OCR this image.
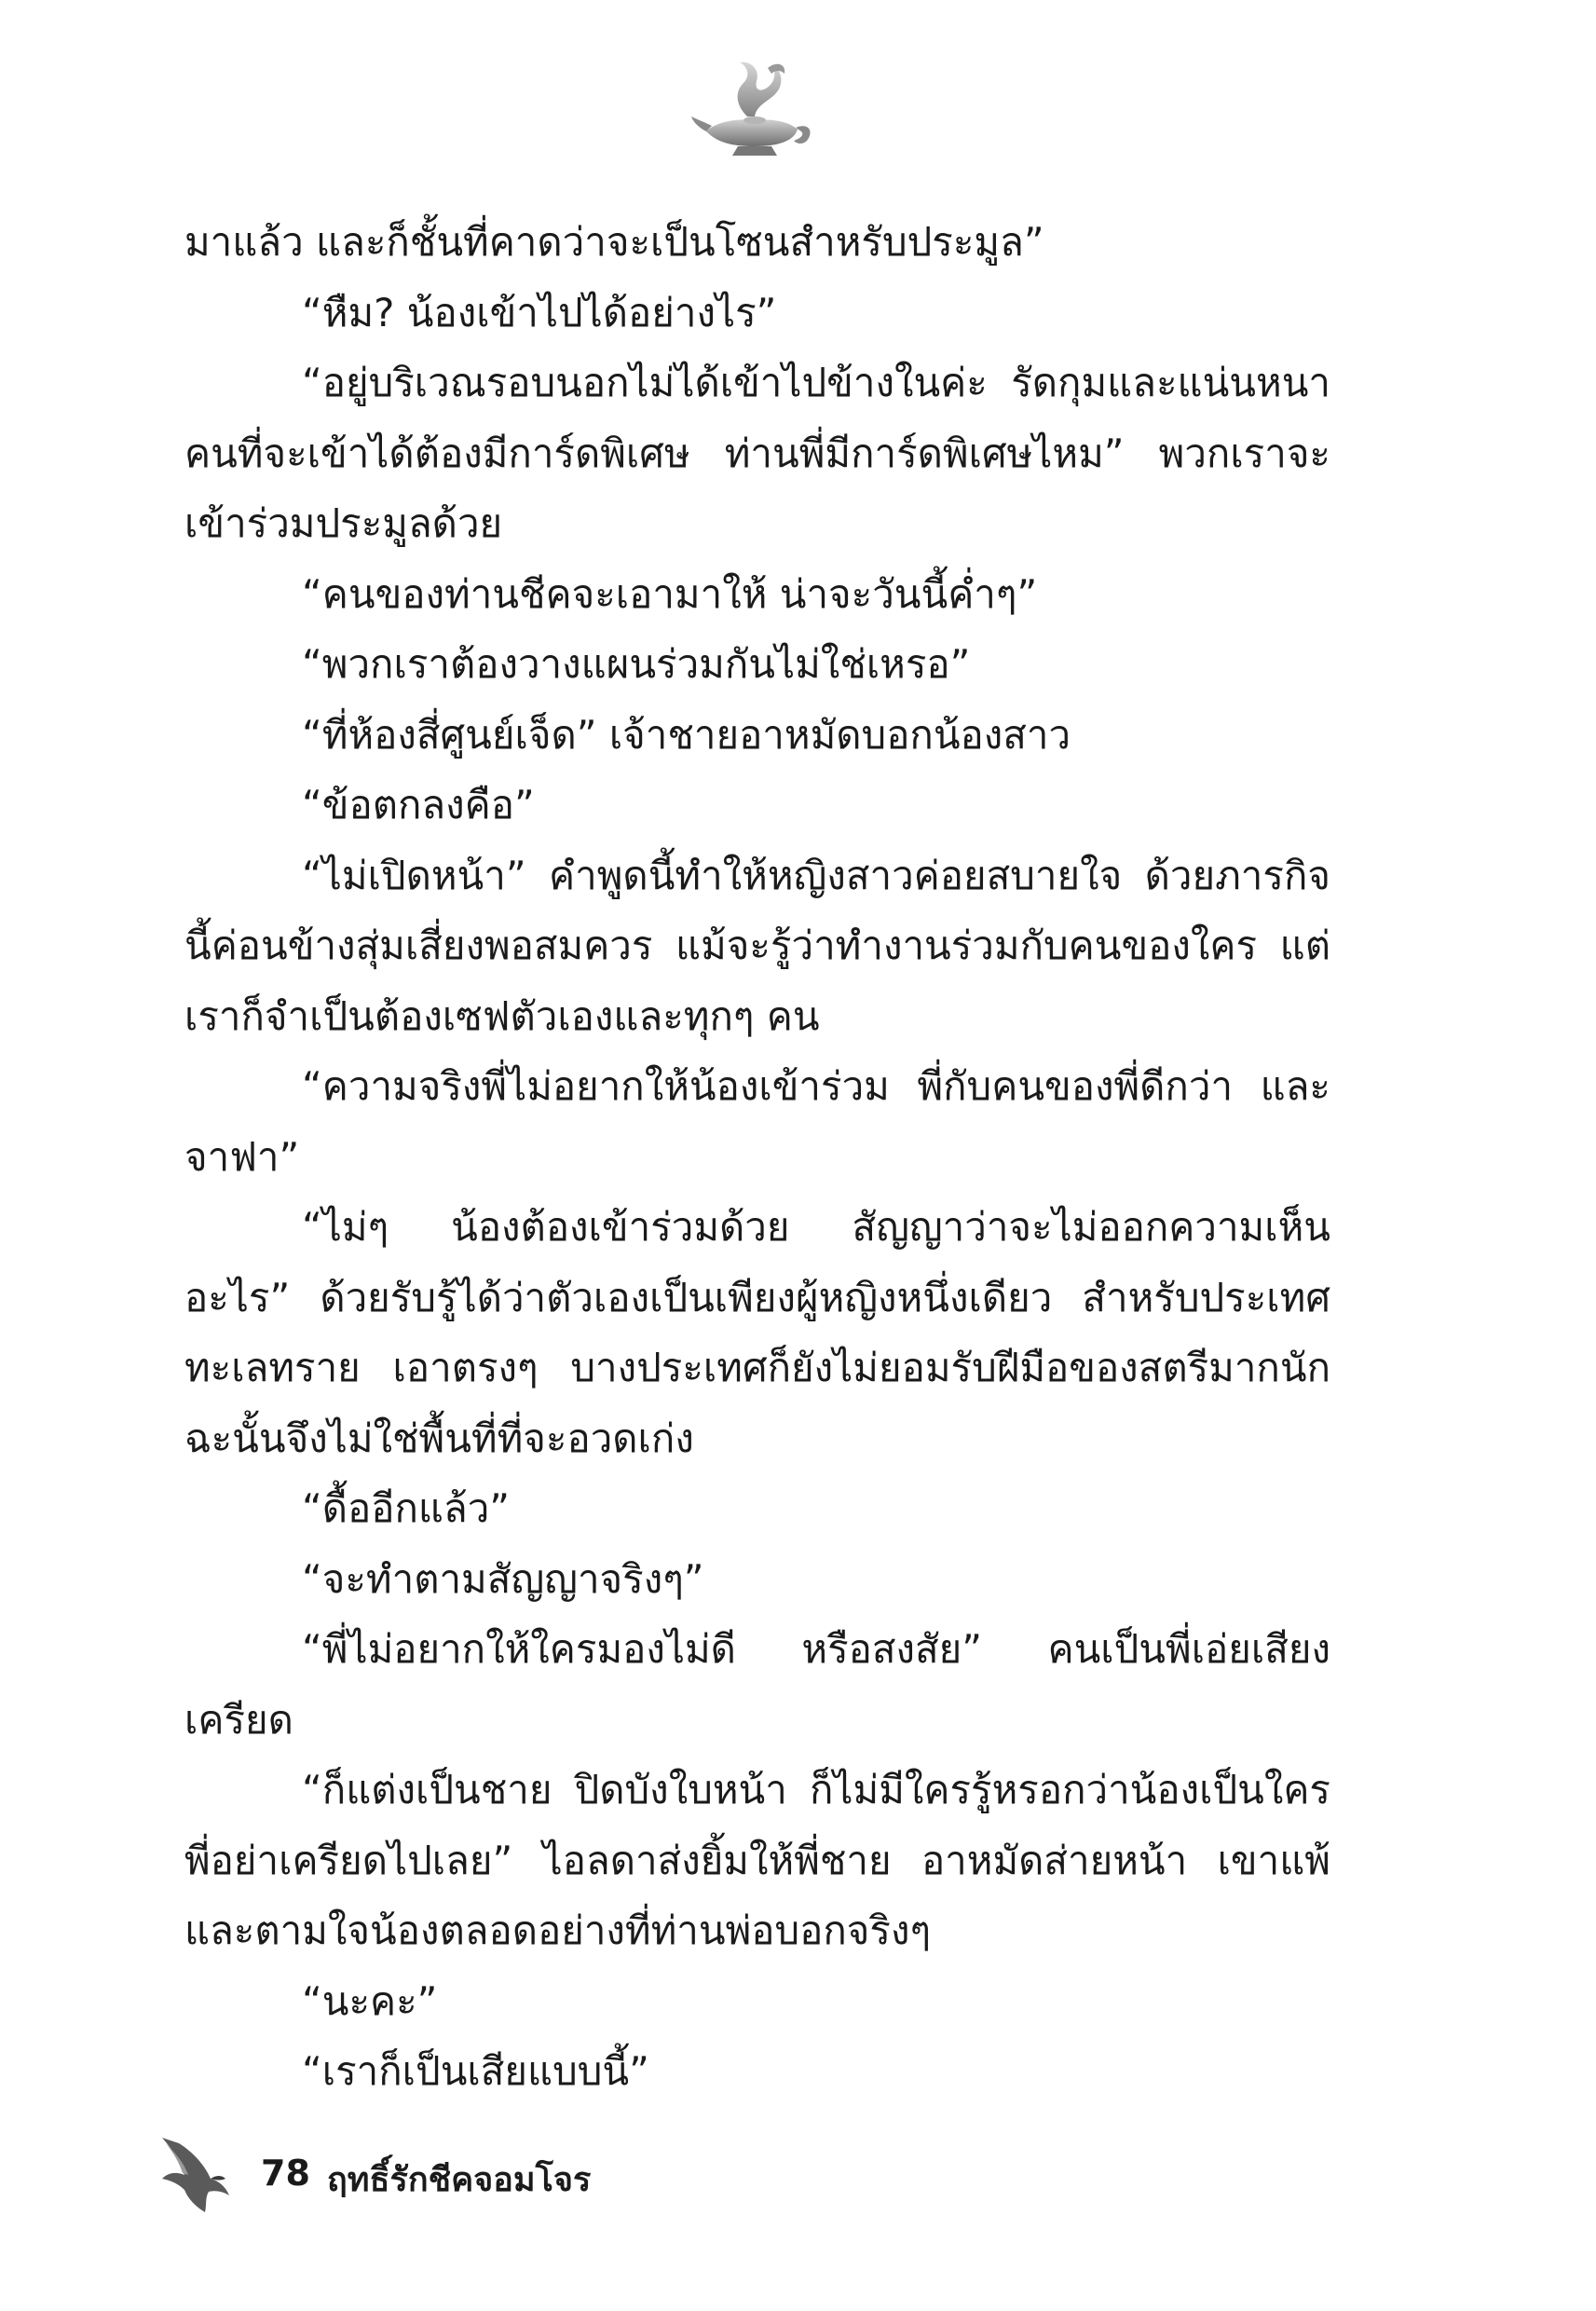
มาแล้ว และก็ชั้นที่คาดว่าจะเป็นโซนสำหรับประมูล”

“หืม? น้องเข้าไปได้อย่างไร”

“อยู่บริเวณรอบนอกไม่ได้เข้าไปข้างในค่ะ รัดกุมและแน่นหนา คนที่จะเข้าได้ต้องมีการ์ดพิเศษ ท่านพี่มีการ์ดพิเศษไหม” พวกเราจะเข้าร่วมประมูลด้วย

“คนของท่านชีคจะเอามาให้ น่าจะวันนี้ค่ำๆ”

“พวกเราต้องวางแผนร่วมกันไม่ใช่เหรอ”

“ที่ห้องสี่ศูนย์เจ็ด” เจ้าชายอาหมัดบอกน้องสาว

“ข้อตกลงคือ”

“ไม่เปิดหน้า” คำพูดนี้ทำให้หญิงสาวค่อยสบายใจ ด้วยภารกิจนี้ค่อนข้างสุ่มเสี่ยงพอสมควร แม้จะรู้ว่าทำงานร่วมกับคนของใคร แต่เราก็จำเป็นต้องเซฟตัวเองและทุกๆ คน

“ความจริงพี่ไม่อยากให้น้องเข้าร่วม พี่กับคนของพี่ดีกว่า และจาฟา”

“ไม่ๆ น้องต้องเข้าร่วมด้วย สัญญาว่าจะไม่ออกความเห็นอะไร” ด้วยรับรู้ได้ว่าตัวเองเป็นเพียงผู้หญิงหนึ่งเดียว สำหรับประเทศทะเลทราย เอาตรงๆ บางประเทศก็ยังไม่ยอมรับฝีมือของสตรีมากนัก ฉะนั้นจึงไม่ใช่พื้นที่ที่จะอวดเก่ง

“ดื้ออีกแล้ว”

“จะทำตามสัญญาจริงๆ”

“พี่ไม่อยากให้ใครมองไม่ดี หรือสงสัย” คนเป็นพี่เอ่ยเสียงเครียด

“ก็แต่งเป็นชาย ปิดบังใบหน้า ก็ไม่มีใครรู้หรอกว่าน้องเป็นใคร พี่อย่าเครียดไปเลย” ไอลดาส่งยิ้มให้พี่ชาย อาหมัดส่ายหน้า เขาแพ้และตามใจน้องตลอดอย่างที่ท่านพ่อบอกจริงๆ

“นะคะ”

“เราก็เป็นเสียแบบนี้”

78 ฤทธิ์รักชีคจอมโจร
